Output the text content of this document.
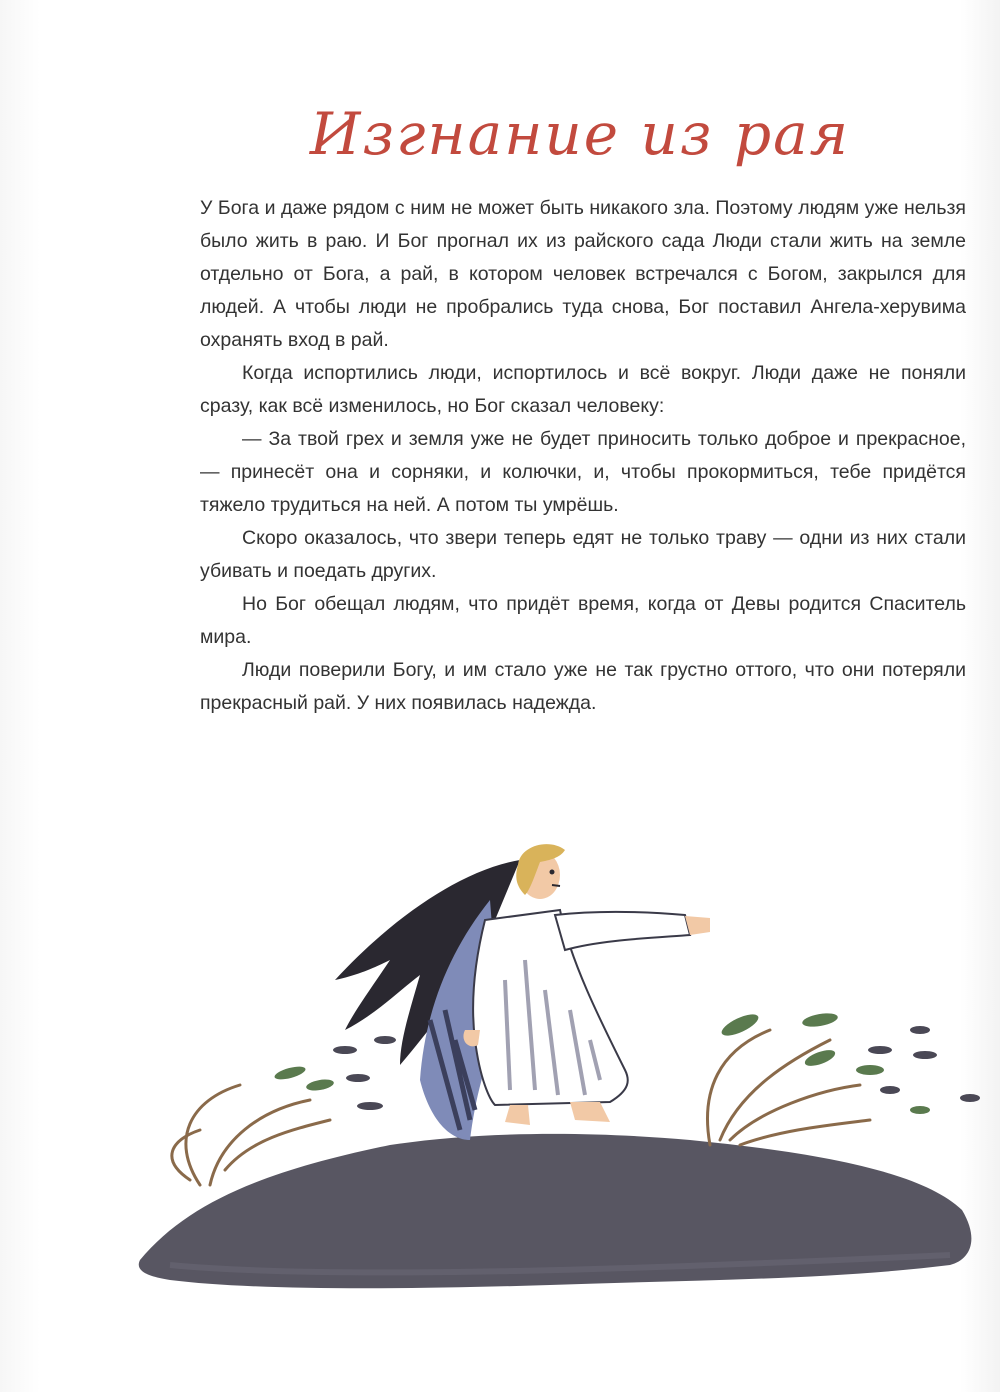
Изгнание из рая

У Бога и даже рядом с ним не может быть никакого зла. Поэтому людям уже нельзя было жить в раю. И Бог прогнал их из райского сада Люди стали жить на земле отдельно от Бога, а рай, в котором человек встречался с Богом, закрылся для людей. А чтобы люди не пробрались туда снова, Бог поставил Ангела-херувима охранять вход в рай.

Когда испортились люди, испортилось и всё вокруг. Люди даже не поняли сразу, как всё изменилось, но Бог сказал человеку:

— За твой грех и земля уже не будет приносить только доброе и прекрасное, — принесёт она и сорняки, и колючки, и, чтобы прокормиться, тебе придётся тяжело трудиться на ней. А потом ты умрёшь.

Скоро оказалось, что звери теперь едят не только траву — одни из них стали убивать и поедать других.

Но Бог обещал людям, что придёт время, когда от Девы родится Спаситель мира.

Люди поверили Богу, и им стало уже не так грустно оттого, что они потеряли прекрасный рай. У них появилась надежда.
